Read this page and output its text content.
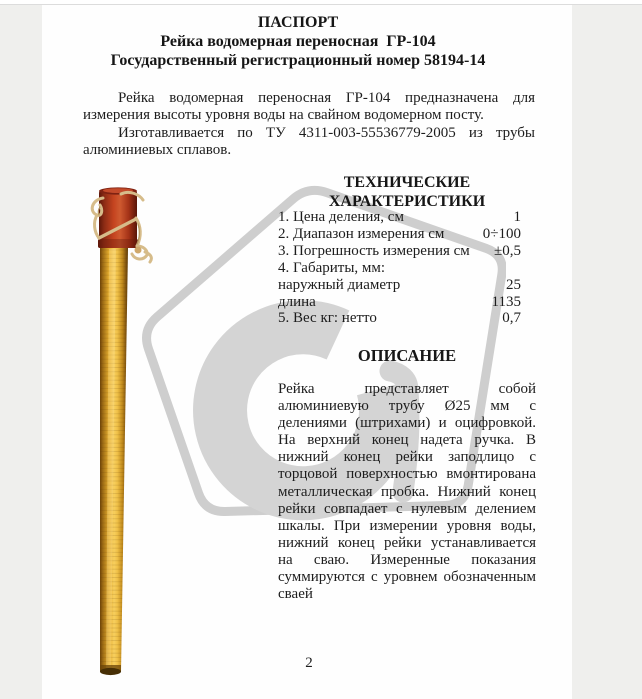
ПАСПОРТ
Рейка водомерная переносная  ГР-104
Государственный регистрационный номер 58194-14

Рейка водомерная переносная ГР-104 предназначена для измерения высоты уровня воды на свайном водомерном посту.

Изготавливается по ТУ 4311-003-55536779-2005 из трубы алюминиевых сплавов.

ТЕХНИЧЕСКИЕ ХАРАКТЕРИСТИКИ
1. Цена деления, см	1
2. Диапазон измерения см	0÷100
3. Погрешность измерения см ±0,5
4. Габариты, мм:
наружный диаметр	25
длина	1135
5. Вес кг: нетто	0,7
ОПИСАНИЕ

Рейка представляет собой алюминиевую трубу Ø25 мм с делениями (штрихами) и оцифровкой. На верхний конец надета ручка. В нижний конец рейки заподлицо с торцовой поверхностью вмонтирована металлическая пробка. Нижний конец рейки совпадает с нулевым делением шкалы. При измерении уровня воды, нижний конец рейки устанавливается на сваю. Измеренные показания суммируются с уровнем обозначенным сваей

2
